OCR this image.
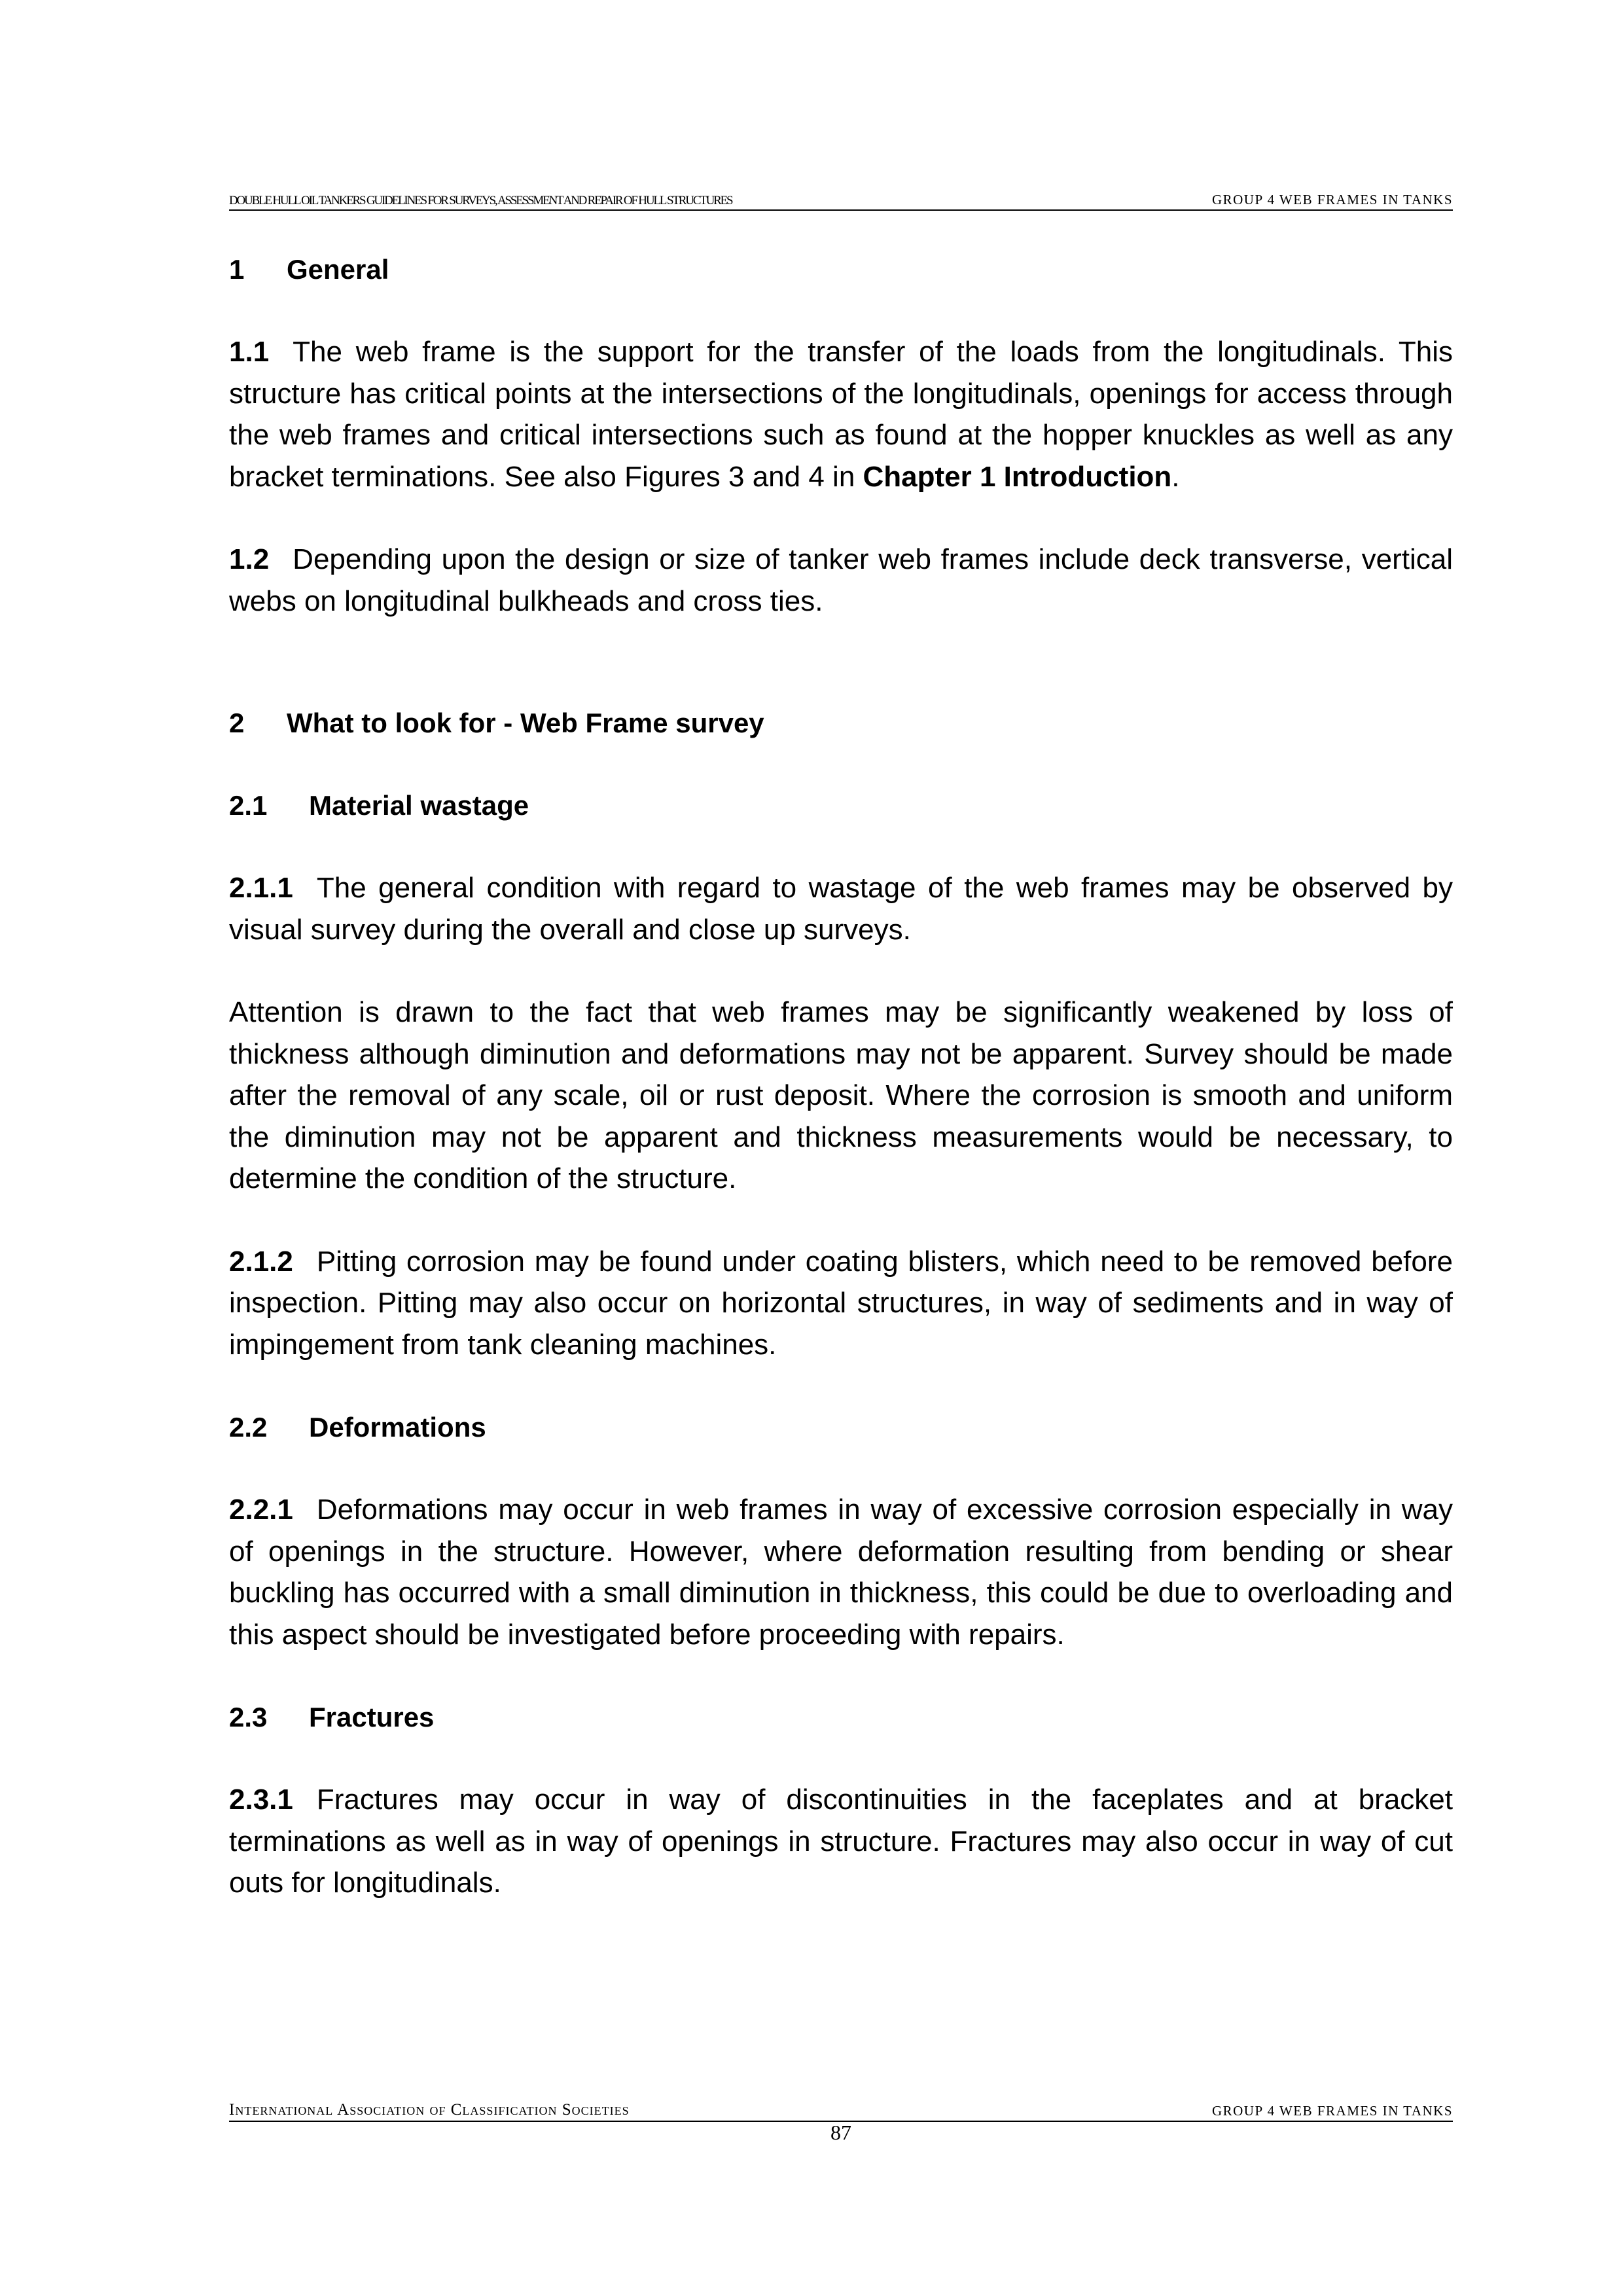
DOUBLE HULL OIL TANKERS GUIDELINES FOR SURVEYS, ASSESSMENT AND REPAIR OF HULL STRUCTURES	GROUP 4 WEB FRAMES IN TANKS
1	General

1.1 The web frame is the support for the transfer of the loads from the longitudinals. This structure has critical points at the intersections of the longitudinals, openings for access through the web frames and critical intersections such as found at the hopper knuckles as well as any bracket terminations. See also Figures 3 and 4 in Chapter 1 Introduction.

1.2 Depending upon the design or size of tanker web frames include deck transverse, vertical webs on longitudinal bulkheads and cross ties.

2	What to look for - Web Frame survey
2.1	Material wastage

2.1.1 The general condition with regard to wastage of the web frames may be observed by visual survey during the overall and close up surveys.

Attention is drawn to the fact that web frames may be significantly weakened by loss of thickness although diminution and deformations may not be apparent. Survey should be made after the removal of any scale, oil or rust deposit. Where the corrosion is smooth and uniform the diminution may not be apparent and thickness measurements would be necessary, to determine the condition of the structure.

2.1.2 Pitting corrosion may be found under coating blisters, which need to be removed before inspection. Pitting may also occur on horizontal structures, in way of sediments and in way of impingement from tank cleaning machines.

2.2	Deformations

2.2.1 Deformations may occur in web frames in way of excessive corrosion especially in way of openings in the structure. However, where deformation resulting from bending or shear buckling has occurred with a small diminution in thickness, this could be due to overloading and this aspect should be investigated before proceeding with repairs.

2.3	Fractures

2.3.1 Fractures may occur in way of discontinuities in the faceplates and at bracket terminations as well as in way of openings in structure. Fractures may also occur in way of cut outs for longitudinals.

International Association of Classification Societies	GROUP 4 WEB FRAMES IN TANKS
87
